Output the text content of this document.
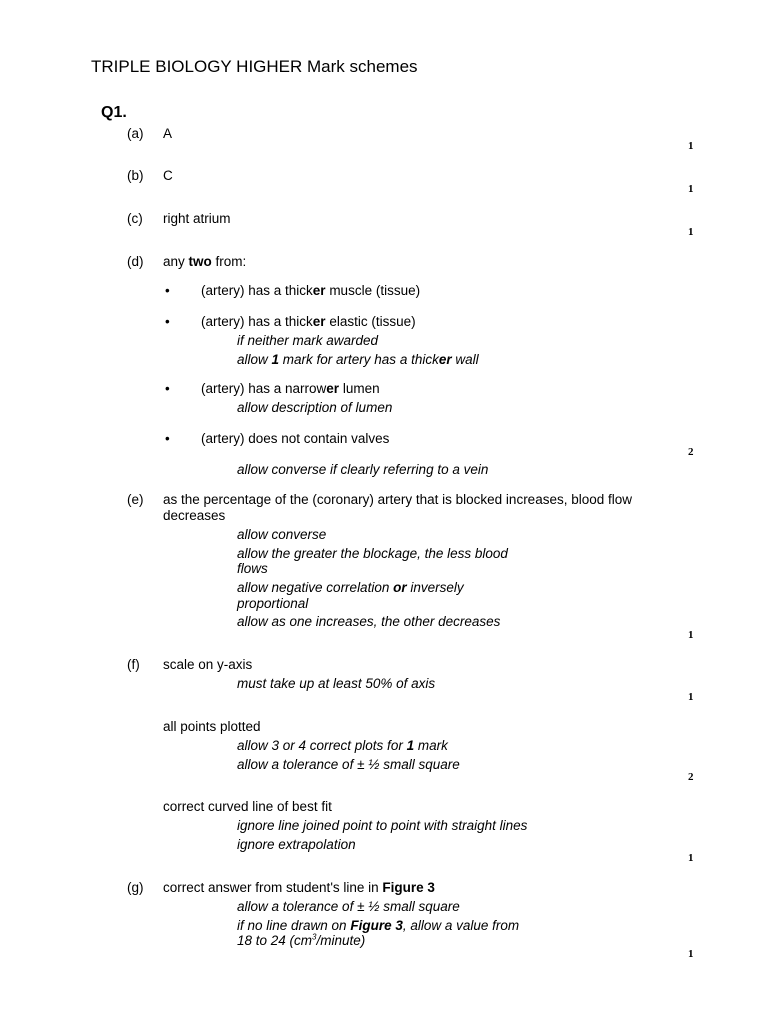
TRIPLE BIOLOGY HIGHER Mark schemes
Q1.
(a) A
1
(b) C
1
(c) right atrium
1
(d) any two from:
• (artery) has a thicker muscle (tissue)
• (artery) has a thicker elastic (tissue)
if neither mark awarded
allow 1 mark for artery has a thicker wall
• (artery) has a narrower lumen
allow description of lumen
• (artery) does not contain valves
2
allow converse if clearly referring to a vein
(e) as the percentage of the (coronary) artery that is blocked increases, blood flow
decreases
allow converse
allow the greater the blockage, the less blood
flows
allow negative correlation or inversely
proportional
allow as one increases, the other decreases
1
(f) scale on y-axis
must take up at least 50% of axis
1
all points plotted
allow 3 or 4 correct plots for 1 mark
allow a tolerance of ± ½ small square
2
correct curved line of best fit
ignore line joined point to point with straight lines
ignore extrapolation
1
(g) correct answer from student's line in Figure 3
allow a tolerance of ± ½ small square
if no line drawn on Figure 3, allow a value from
18 to 24 $(cm^3/minute)$
1
